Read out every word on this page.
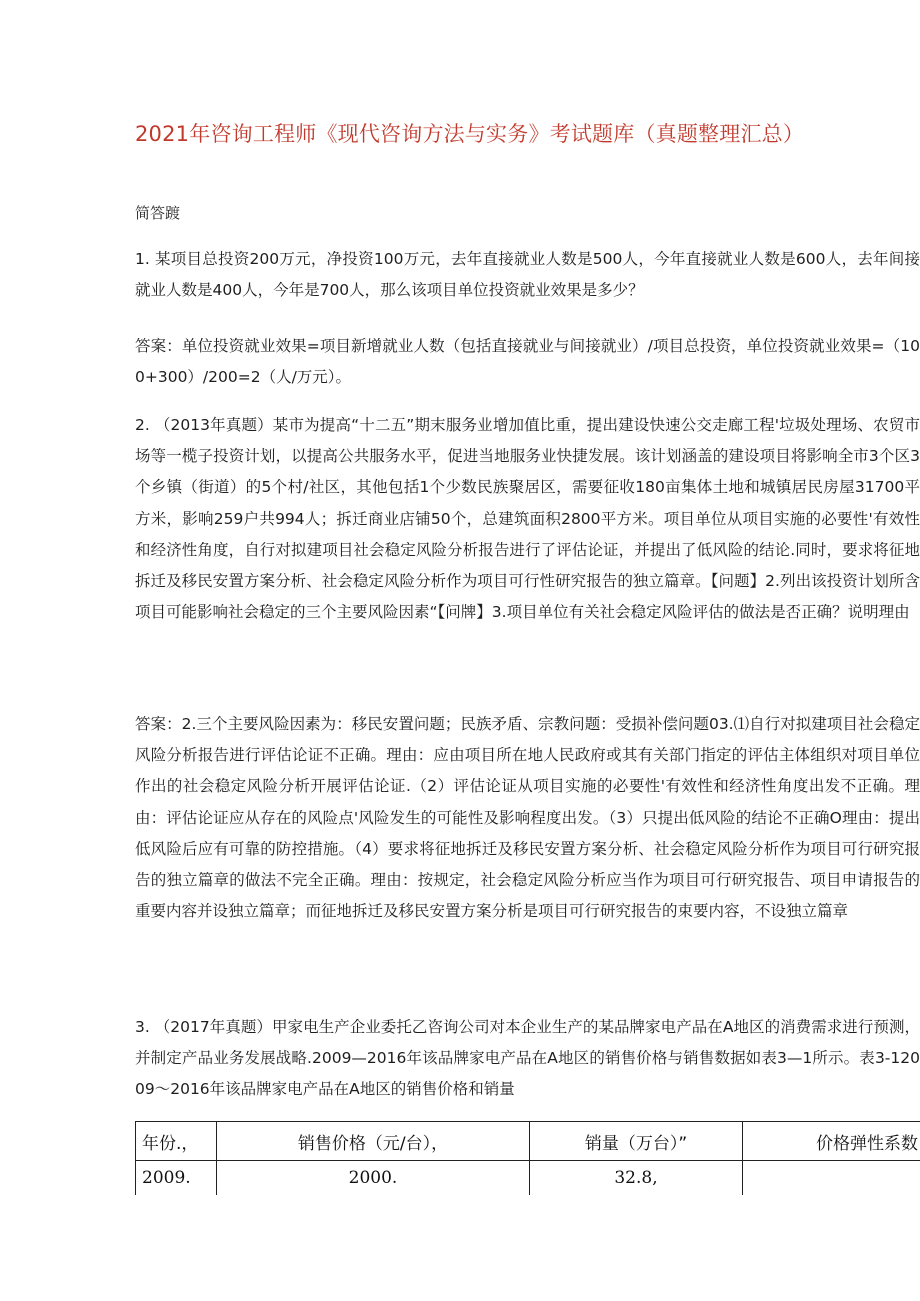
2021年咨询工程师《现代咨询方法与实务》考试题库（真题整理汇总）
简答踱
1. 某项目总投资200万元，净投资100万元，去年直接就业人数是500人，今年直接就业人数是600人，去年间接就业人数是400人，今年是700人，那么该项目单位投资就业效果是多少？
答案：单位投资就业效果=项目新增就业人数（包括直接就业与间接就业）/项目总投资，单位投资就业效果=（100+300）/200=2（人/万元）。
2. （2013年真题）某市为提高“十二五”期末服务业增加值比重，提出建设快速公交走廊工程'垃圾处理场、农贸市场等一榄子投资计划，以提高公共服务水平，促进当地服务业快捷发展。该计划涵盖的建设项目将影响全市3个区3个乡镇（街道）的5个村/社区，其他包括1个少数民族聚居区，需要征收180亩集体土地和城镇居民房屋31700平方米，影响259户共994人；拆迁商业店铺50个，总建筑面积2800平方米。项目单位从项目实施的必要性'有效性和经济性角度，自行对拟建项目社会稳定风险分析报告进行了评估论证，并提出了低风险的结论.同时，要求将征地拆迁及移民安置方案分析、社会稳定风险分析作为项目可行性研究报告的独立篇章。【问题】2.列出该投资计划所含项目可能影响社会稳定的三个主要风险因素“【问牌】3.项目单位有关社会稳定风险评估的做法是否正确？说明理由
答案：2.三个主要风险因素为：移民安置问题；民族矛盾、宗教问题：受损补偿问题03.⑴自行对拟建项目社会稳定风险分析报告进行评估论证不正确。理由：应由项目所在地人民政府或其有关部门指定的评估主体组织对项目单位作出的社会稳定风险分析开展评估论证.（2）评估论证从项目实施的必要性'有效性和经济性角度出发不正确。理由：评估论证应从存在的风险点'风险发生的可能性及影响程度出发。（3）只提出低风险的结论不正确O理由：提出低风险后应有可靠的防控措施。（4）要求将征地拆迁及移民安置方案分析、社会稳定风险分析作为项目可行研究报告的独立篇章的做法不完全正确。理由：按规定，社会稳定风险分析应当作为项目可行研究报告、项目申请报告的重要内容并设独立篇章；而征地拆迁及移民安置方案分析是项目可行研究报告的束要内容，不设独立篇章
3. （2017年真题）甲家电生产企业委托乙咨询公司对本企业生产的某品牌家电产品在A地区的消费需求进行预测，并制定产品业务发展战略.2009—2016年该品牌家电产品在A地区的销售价格与销售数据如表3—1所示。表3-12009～2016年该品牌家电产品在A地区的销售价格和销量
年份.，	销售价格（元/台），	销量（万台）”	价格弹性系数
2009.	2000.	32.8,	
